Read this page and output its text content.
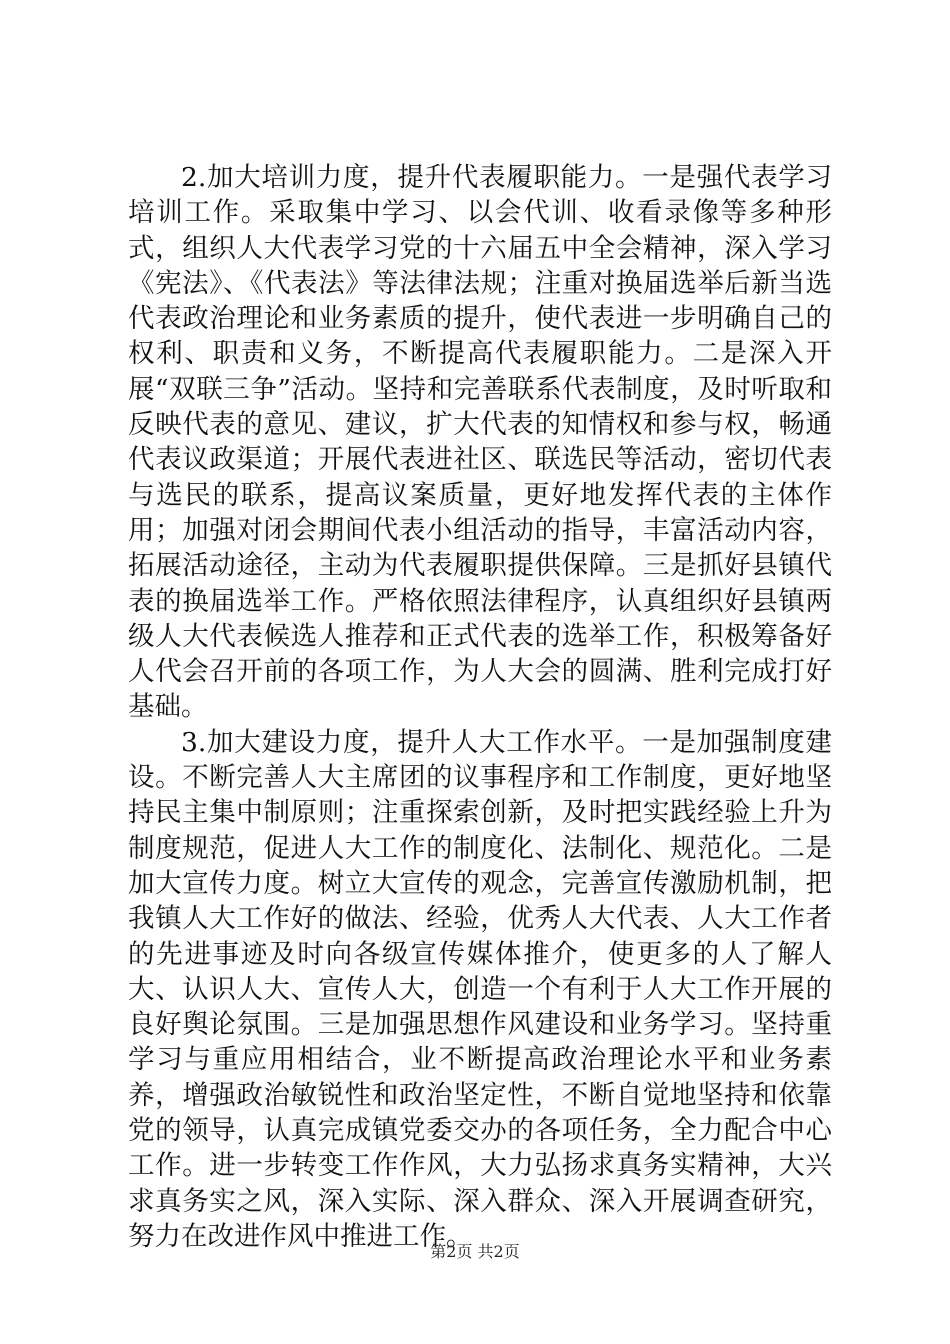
2.加大培训力度，提升代表履职能力。一是强代表学习培训工作。采取集中学习、以会代训、收看录像等多种形式，组织人大代表学习党的十六届五中全会精神，深入学习《宪法》、《代表法》等法律法规；注重对换届选举后新当选代表政治理论和业务素质的提升，使代表进一步明确自己的权利、职责和义务，不断提高代表履职能力。二是深入开展“双联三争”活动。坚持和完善联系代表制度，及时听取和反映代表的意见、建议，扩大代表的知情权和参与权，畅通代表议政渠道；开展代表进社区、联选民等活动，密切代表与选民的联系，提高议案质量，更好地发挥代表的主体作用；加强对闭会期间代表小组活动的指导，丰富活动内容，拓展活动途径，主动为代表履职提供保障。三是抓好县镇代表的换届选举工作。严格依照法律程序，认真组织好县镇两级人大代表候选人推荐和正式代表的选举工作，积极筹备好人代会召开前的各项工作，为人大会的圆满、胜利完成打好基础。

3.加大建设力度，提升人大工作水平。一是加强制度建设。不断完善人大主席团的议事程序和工作制度，更好地坚持民主集中制原则；注重探索创新，及时把实践经验上升为制度规范，促进人大工作的制度化、法制化、规范化。二是加大宣传力度。树立大宣传的观念，完善宣传激励机制，把我镇人大工作好的做法、经验，优秀人大代表、人大工作者的先进事迹及时向各级宣传媒体推介，使更多的人了解人大、认识人大、宣传人大，创造一个有利于人大工作开展的良好舆论氛围。三是加强思想作风建设和业务学习。坚持重学习与重应用相结合，业不断提高政治理论水平和业务素养，增强政治敏锐性和政治坚定性，不断自觉地坚持和依靠党的领导，认真完成镇党委交办的各项任务，全力配合中心工作。进一步转变工作作风，大力弘扬求真务实精神，大兴求真务实之风，深入实际、深入群众、深入开展调查研究，努力在改进作风中推进工作。

第2页 共2页
